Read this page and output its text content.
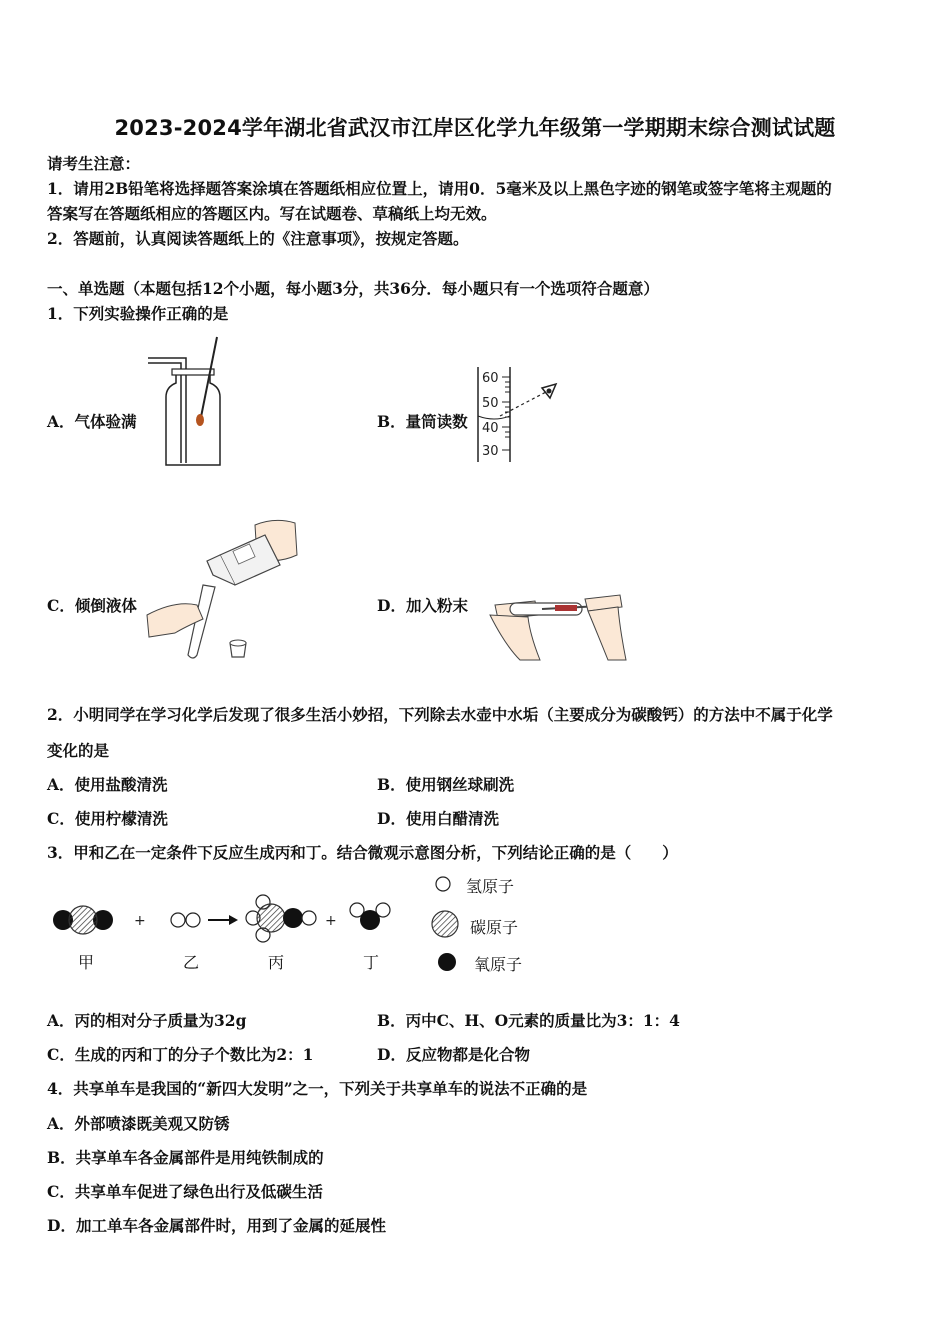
2023-2024学年湖北省武汉市江岸区化学九年级第一学期期末综合测试试题
请考生注意：
1．请用2B铅笔将选择题答案涂填在答题纸相应位置上，请用0．5毫米及以上黑色字迹的钢笔或签字笔将主观题的
答案写在答题纸相应的答题区内。写在试题卷、草稿纸上均无效。
2．答题前，认真阅读答题纸上的《注意事项》，按规定答题。
一、单选题（本题包括12个小题，每小题3分，共36分．每小题只有一个选项符合题意）
1．下列实验操作正确的是
A．气体验满
60
50
40
30
B．量筒读数
C．倾倒液体	D．加入粉末
2．小明同学在学习化学后发现了很多生活小妙招，下列除去水壶中水垢（主要成分为碳酸钙）的方法中不属于化学
变化的是
A．使用盐酸清洗	B．使用钢丝球刷洗
C．使用柠檬清洗	D．使用白醋清洗
3．甲和乙在一定条件下反应生成丙和丁。结合微观示意图分析，下列结论正确的是（　　）
+	+
甲	乙	丙	丁
氢原子
碳原子
氧原子
A．丙的相对分子质量为32g	B．丙中C、H、O元素的质量比为3：1：4
C．生成的丙和丁的分子个数比为2：1	D．反应物都是化合物
4．共享单车是我国的“新四大发明”之一，下列关于共享单车的说法不正确的是
A．外部喷漆既美观又防锈
B．共享单车各金属部件是用纯铁制成的
C．共享单车促进了绿色出行及低碳生活
D．加工单车各金属部件时，用到了金属的延展性
